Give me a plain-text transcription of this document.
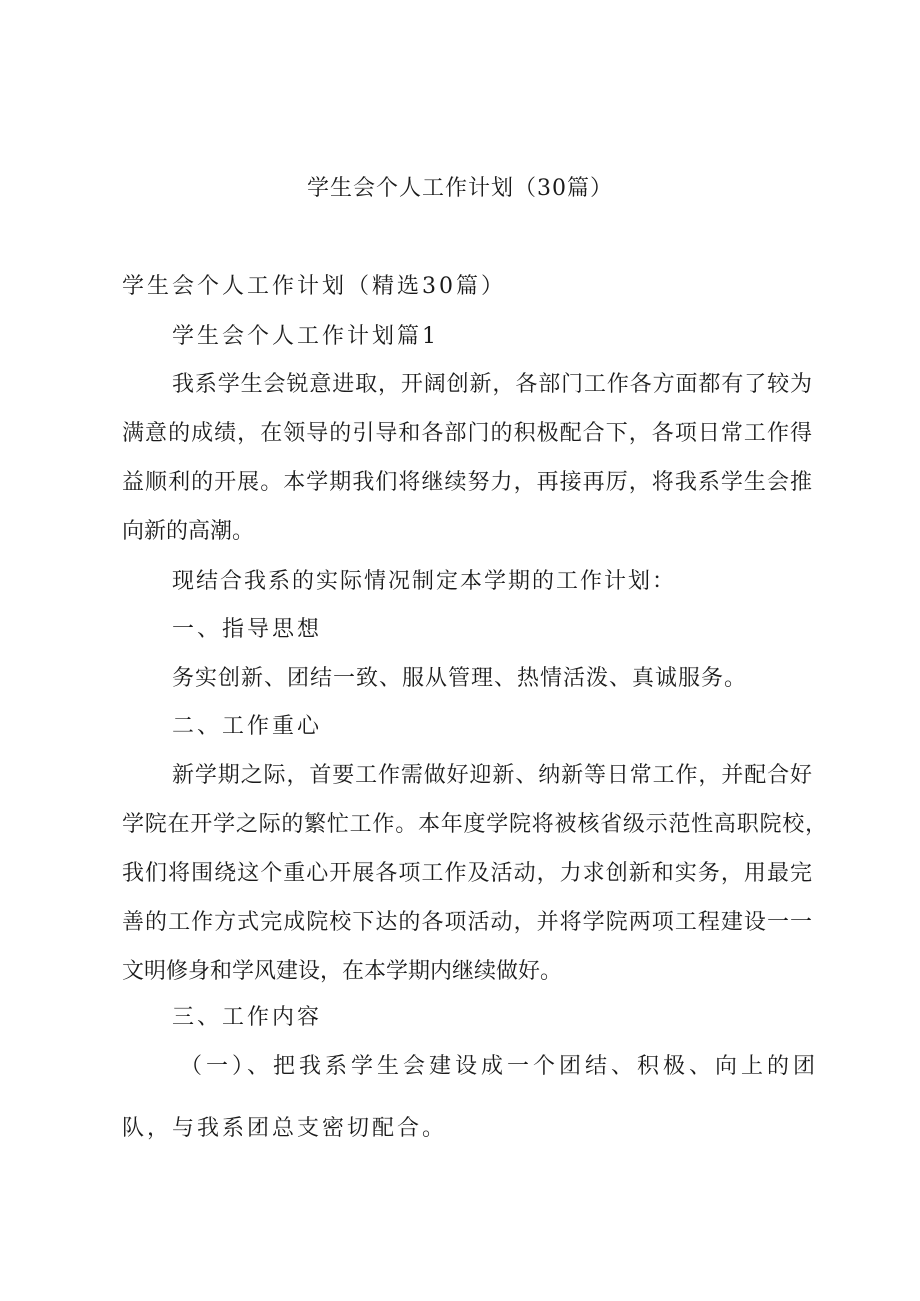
学生会个人工作计划（30篇）
学生会个人工作计划（精选30篇）
学生会个人工作计划篇1
我系学生会锐意进取，开阔创新，各部门工作各方面都有了较为
满意的成绩，在领导的引导和各部门的积极配合下，各项日常工作得
益顺利的开展。本学期我们将继续努力，再接再厉，将我系学生会推
向新的高潮。
现结合我系的实际情况制定本学期的工作计划：
一、指导思想
务实创新、团结一致、服从管理、热情活泼、真诚服务。
二、工作重心
新学期之际，首要工作需做好迎新、纳新等日常工作，并配合好
学院在开学之际的繁忙工作。本年度学院将被核省级示范性高职院校，
我们将围绕这个重心开展各项工作及活动，力求创新和实务，用最完
善的工作方式完成院校下达的各项活动，并将学院两项工程建设一一
文明修身和学风建设，在本学期内继续做好。
三、工作内容
（一）、把我系学生会建设成一个团结、积极、向上的团
队，与我系团总支密切配合。
